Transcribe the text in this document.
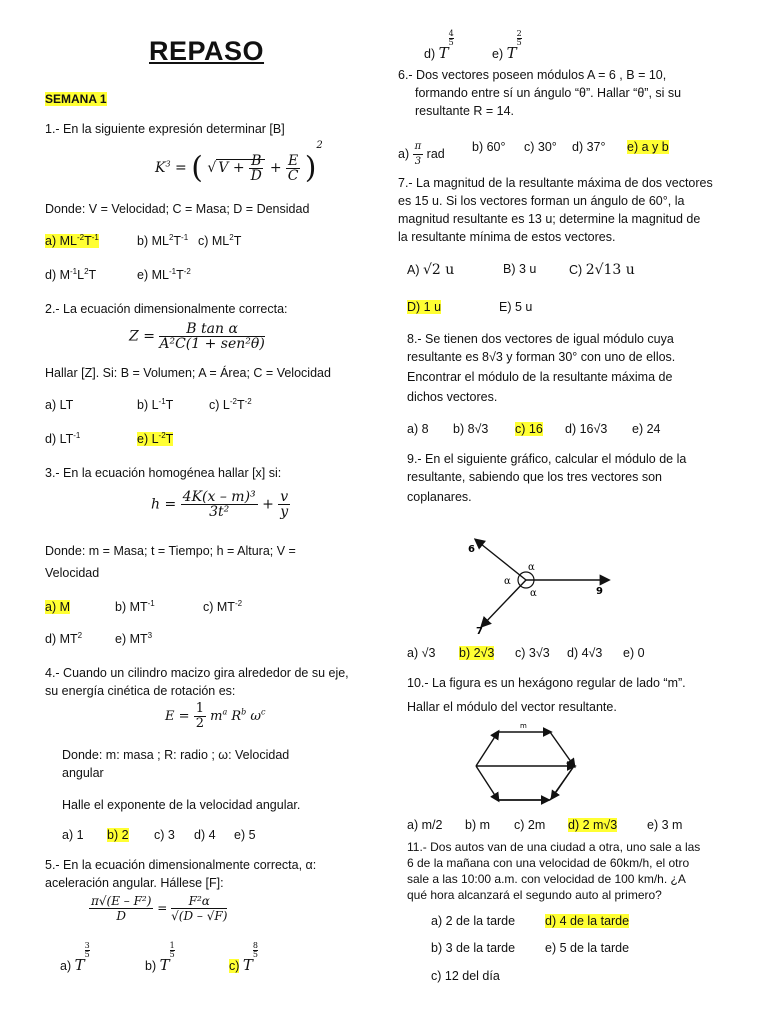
REPASO
SEMANA 1
1.- En la siguiente expresión determinar [B]
$K^3$ = ( √ $V + \frac{B}{D} + \frac{E}{C} )^2$
Donde: V = Velocidad; C = Masa; D = Densidad
a) $ML^{-2}T^{-1}$	b) $ML^2T^{-1}$ c) $ML^2T$
d) $M^{-1}L^2T$	e) $ML^{-1}T^{-2}$
2.- La ecuación dimensionalmente correcta:
$Z = \frac{\text{B tan α}}{\text{A²C(1 + sen²θ)}}$
Hallar [Z]. Si: B = Volumen; A = Área; C = Velocidad
a) LT	b) $L^{-1}T$	c) $L^{-2}T^{-2}$
d) $LT^{-1}$	e) $L^{-2}T$
3.- En la ecuación homogénea hallar [x] si:
$h = \frac{\text{4K(x – m)³}}{\text{3t²}} + \frac{v}{y}$
Donde: m = Masa; t = Tiempo; h = Altura; V =
Velocidad
a) M	b) $MT^{-1}$	c) $MT^{-2}$
d) $MT^2$	e) $MT^3$
4.- Cuando un cilindro macizo gira alrededor de su eje,
su energía cinética de rotación es:
$E = \frac{1}{2} m^a$ $R^b$ $\omega^c$
Donde: m: masa ; R: radio ; ω: Velocidad
angular
Halle el exponente de la velocidad angular.
a) 1 b) 2 c) 3 d) 4 e) 5
5.- En la ecuación dimensionalmente correcta, α:
aceleración angular. Hállese [F]:
$\frac{\text{π√(E – F²)}}{D} = \frac{\text{F²α}}{√(D - √F)}$
a) T
3
5
b) T
1
5
c) T
8
5
d) T
4
5
e) T
2
5
6.- Dos vectores poseen módulos A = 6 , B = 10,
formando entre sí un ángulo “θ”. Hallar “θ”, si su
resultante R = 14.
$a) \frac{\pi}{3}$ rad b) 60° c) 30° d) 37° e) a y b
7.- La magnitud de la resultante máxima de dos vectores
es 15 u. Si los vectores forman un ángulo de 60°, la
magnitud resultante es 13 u; determine la magnitud de
la resultante mínima de estos vectores.
A) √2 u	B) 3 u	C) 2√13 u
D) 1 u	E) 5 u
8.- Se tienen dos vectores de igual módulo cuya
resultante es 8√3 y forman 30° con uno de ellos.
Encontrar el módulo de la resultante máxima de
dichos vectores.
a) 8 b) 8√3 c) 16 d) 16√3 e) 24
9.- En el siguiente gráfico, calcular el módulo de la
resultante, sabiendo que los tres vectores son
coplanares.
6
9
7
α
α
α
a) √3 b) 2√3 c) 3√3 d) 4√3 e) 0
10.- La figura es un hexágono regular de lado “m”.
Hallar el módulo del vector resultante.
m
a) m/2 b) m c) 2m d) 2 m√3 e) 3 m
11.- Dos autos van de una ciudad a otra, uno sale a las
6 de la mañana con una velocidad de 60km/h, el otro
sale a las 10:00 a.m. con velocidad de 100 km/h. ¿A
qué hora alcanzará el segundo auto al primero?
a) 2 de la tarde d) 4 de la tarde
b) 3 de la tarde e) 5 de la tarde
c) 12 del día
